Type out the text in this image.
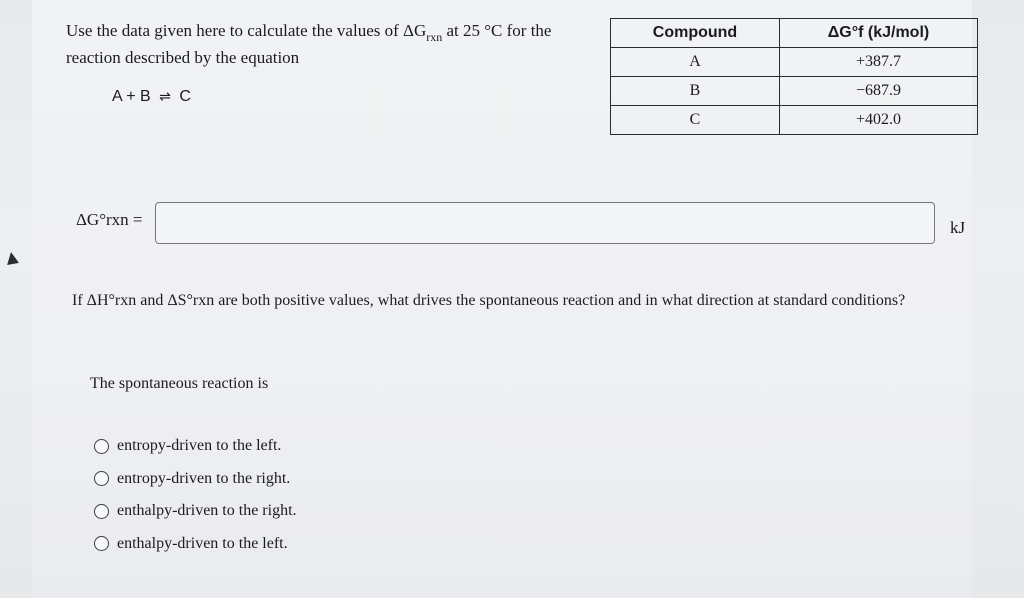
Use the data given here to calculate the values of $\Delta G_{rxn}$ at 25 °C for the
reaction described by the equation
A + B ⇌ C
Compound	ΔG°f (kJ/mol)
A	+387.7
B	−687.9
C	+402.0
ΔG°rxn =	kJ
If ΔH°rxn and ΔS°rxn are both positive values, what drives the spontaneous reaction and in what direction at standard conditions?
The spontaneous reaction is
entropy-driven to the left.
entropy-driven to the right.
enthalpy-driven to the right.
enthalpy-driven to the left.
